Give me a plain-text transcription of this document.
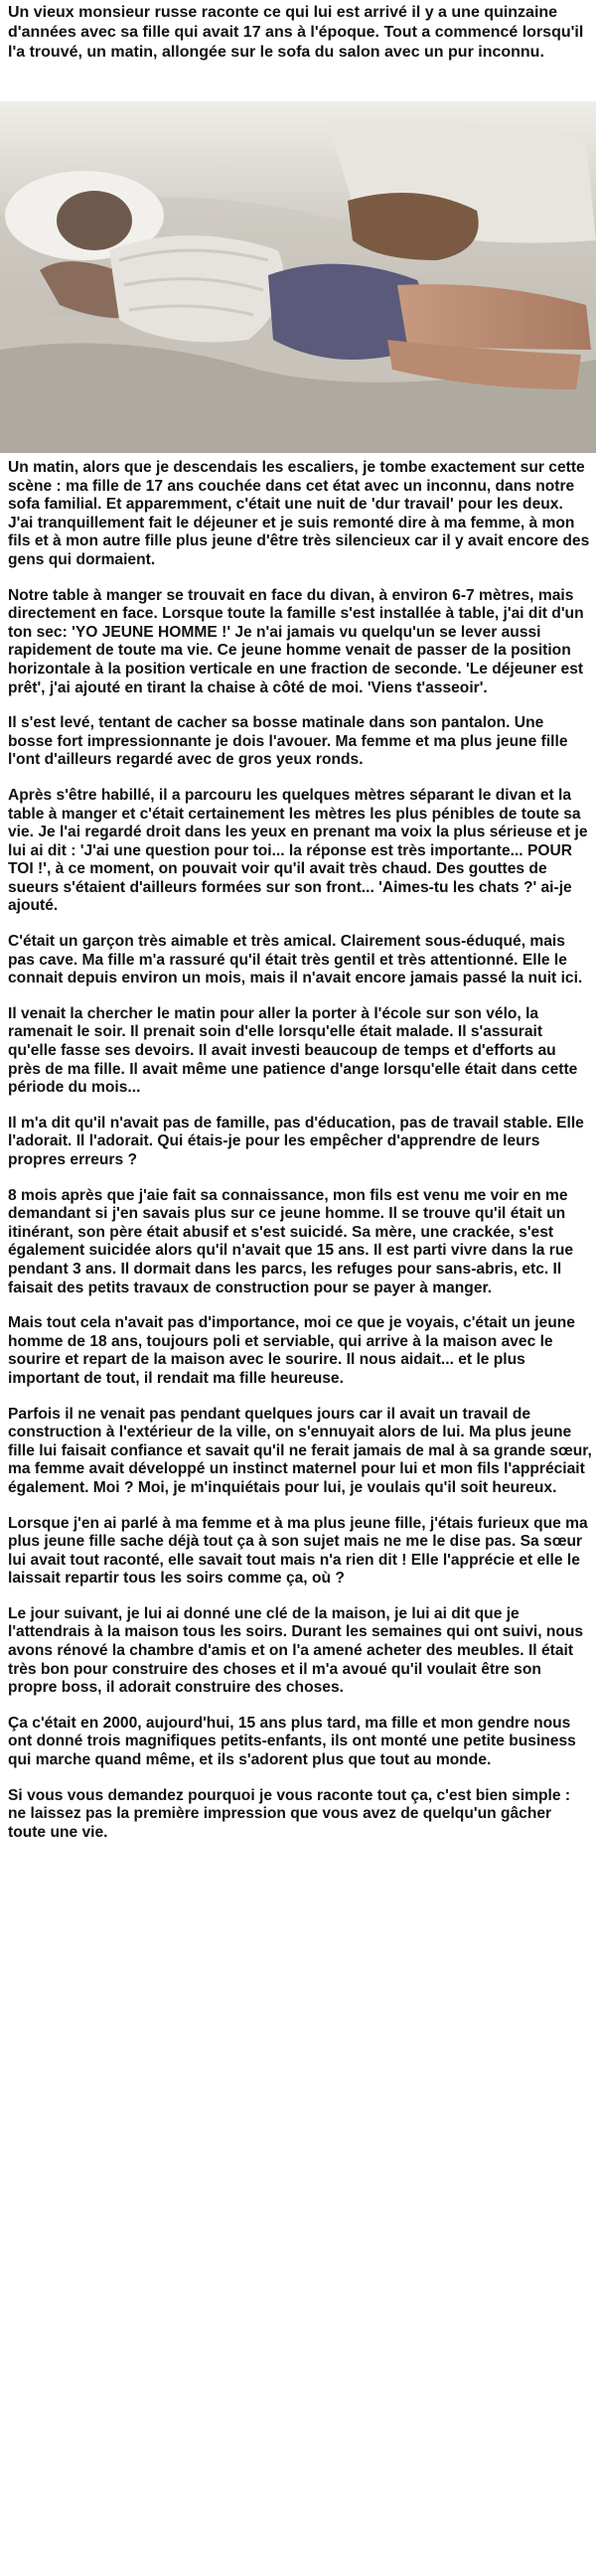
Un vieux monsieur russe raconte ce qui lui est arrivé il y a une quinzaine d'années avec sa fille qui avait 17 ans à l'époque. Tout a commencé lorsqu'il l'a trouvé, un matin, allongée sur le sofa du salon avec un pur inconnu.

Un matin, alors que je descendais les escaliers, je tombe exactement sur cette scène : ma fille de 17 ans couchée dans cet état avec un inconnu, dans notre sofa familial. Et apparemment, c'était une nuit de 'dur travail' pour les deux. J'ai tranquillement fait le déjeuner et je suis remonté dire à ma femme, à mon fils et à mon autre fille plus jeune d'être très silencieux car il y avait encore des gens qui dormaient.

Notre table à manger se trouvait en face du divan, à environ 6-7 mètres, mais directement en face. Lorsque toute la famille s'est installée à table, j'ai dit d'un ton sec: 'YO JEUNE HOMME !' Je n'ai jamais vu quelqu'un se lever aussi rapidement de toute ma vie. Ce jeune homme venait de passer de la position horizontale à la position verticale en une fraction de seconde. 'Le déjeuner est prêt', j'ai ajouté en tirant la chaise à côté de moi. 'Viens t'asseoir'.

Il s'est levé, tentant de cacher sa bosse matinale dans son pantalon. Une bosse fort impressionnante je dois l'avouer. Ma femme et ma plus jeune fille l'ont d'ailleurs regardé avec de gros yeux ronds.

Après s'être habillé, il a parcouru les quelques mètres séparant le divan et la table à manger et c'était certainement les mètres les plus pénibles de toute sa vie. Je l'ai regardé droit dans les yeux en prenant ma voix la plus sérieuse et je lui ai dit : 'J'ai une question pour toi... la réponse est très importante... POUR TOI !', à ce moment, on pouvait voir qu'il avait très chaud. Des gouttes de sueurs s'étaient d'ailleurs formées sur son front... 'Aimes-tu les chats ?' ai-je ajouté.

C'était un garçon très aimable et très amical. Clairement sous-éduqué, mais pas cave. Ma fille m'a rassuré qu'il était très gentil et très attentionné. Elle le connait depuis environ un mois, mais il n'avait encore jamais passé la nuit ici.

Il venait la chercher le matin pour aller la porter à l'école sur son vélo, la ramenait le soir. Il prenait soin d'elle lorsqu'elle était malade. Il s'assurait qu'elle fasse ses devoirs. Il avait investi beaucoup de temps et d'efforts au près de ma fille. Il avait même une patience d'ange lorsqu'elle était dans cette période du mois...

Il m'a dit qu'il n'avait pas de famille, pas d'éducation, pas de travail stable. Elle l'adorait. Il l'adorait. Qui étais-je pour les empêcher d'apprendre de leurs propres erreurs ?

8 mois après que j'aie fait sa connaissance, mon fils est venu me voir en me demandant si j'en savais plus sur ce jeune homme. Il se trouve qu'il était un itinérant, son père était abusif et s'est suicidé. Sa mère, une crackée, s'est également suicidée alors qu'il n'avait que 15 ans. Il est parti vivre dans la rue pendant 3 ans. Il dormait dans les parcs, les refuges pour sans-abris, etc. Il faisait des petits travaux de construction pour se payer à manger.

Mais tout cela n'avait pas d'importance, moi ce que je voyais, c'était un jeune homme de 18 ans, toujours poli et serviable, qui arrive à la maison avec le sourire et repart de la maison avec le sourire. Il nous aidait... et le plus important de tout, il rendait ma fille heureuse.

Parfois il ne venait pas pendant quelques jours car il avait un travail de construction à l'extérieur de la ville, on s'ennuyait alors de lui. Ma plus jeune fille lui faisait confiance et savait qu'il ne ferait jamais de mal à sa grande sœur, ma femme avait développé un instinct maternel pour lui et mon fils l'appréciait également. Moi ? Moi, je m'inquiétais pour lui, je voulais qu'il soit heureux.

Lorsque j'en ai parlé à ma femme et à ma plus jeune fille, j'étais furieux que ma plus jeune fille sache déjà tout ça à son sujet mais ne me le dise pas. Sa sœur lui avait tout raconté, elle savait tout mais n'a rien dit ! Elle l'apprécie et elle le laissait repartir tous les soirs comme ça, où ?

Le jour suivant, je lui ai donné une clé de la maison, je lui ai dit que je l'attendrais à la maison tous les soirs. Durant les semaines qui ont suivi, nous avons rénové la chambre d'amis et on l'a amené acheter des meubles. Il était très bon pour construire des choses et il m'a avoué qu'il voulait être son propre boss, il adorait construire des choses.

Ça c'était en 2000, aujourd'hui, 15 ans plus tard, ma fille et mon gendre nous ont donné trois magnifiques petits-enfants, ils ont monté une petite business qui marche quand même, et ils s'adorent plus que tout au monde.

Si vous vous demandez pourquoi je vous raconte tout ça, c'est bien simple : ne laissez pas la première impression que vous avez de quelqu'un gâcher toute une vie.
